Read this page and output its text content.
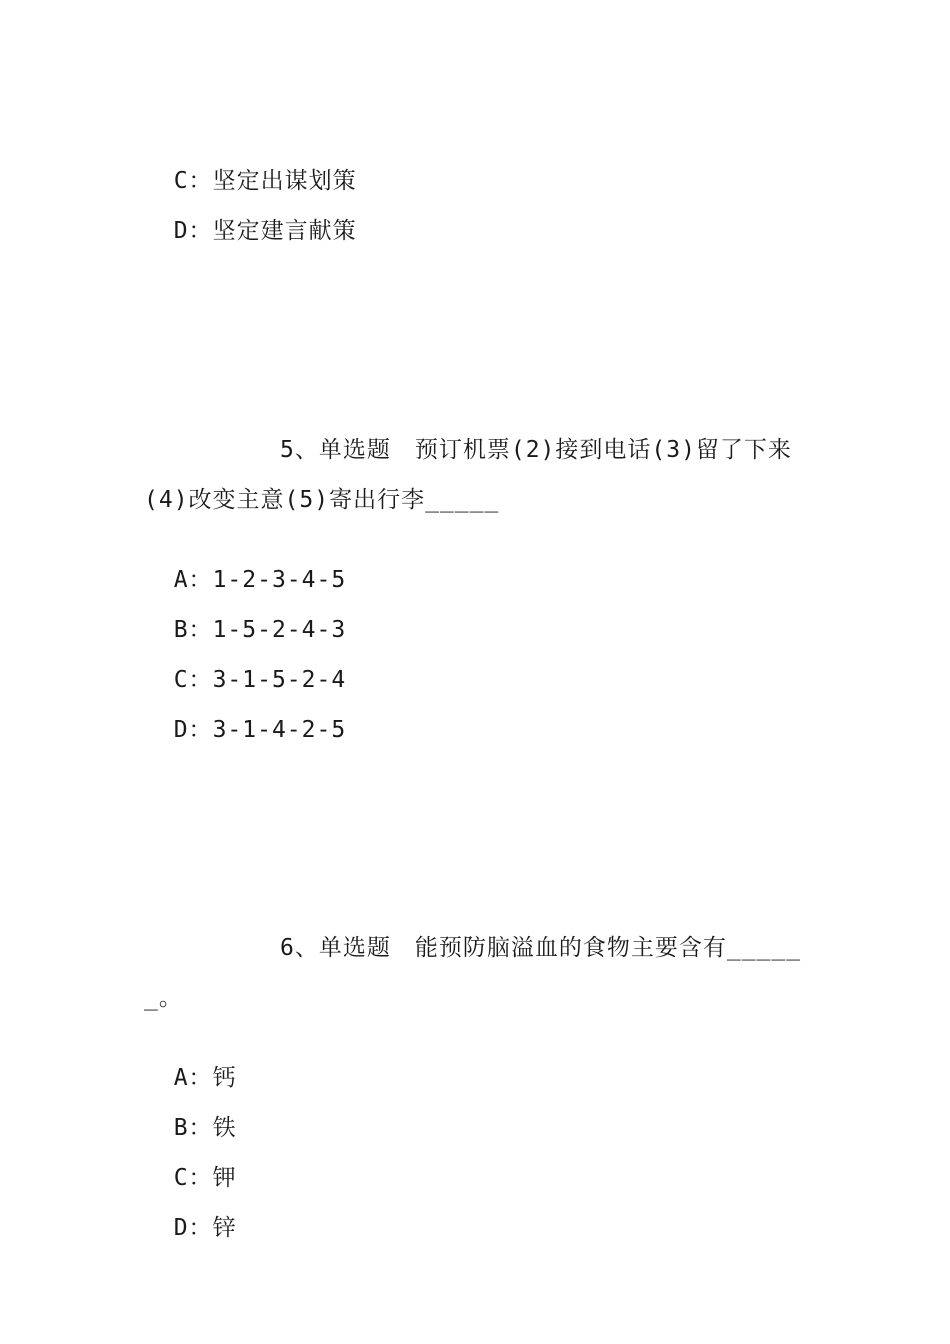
C：坚定出谋划策

D：坚定建言献策

5、单选题　预订机票(2)接到电话(3)留了下来
(4)改变主意(5)寄出行李_____

A：1-2-3-4-5

B：1-5-2-4-3

C：3-1-5-2-4

D：3-1-4-2-5

6、单选题　能预防脑溢血的食物主要含有_____
_。

A：钙

B：铁

C：钾

D：锌
